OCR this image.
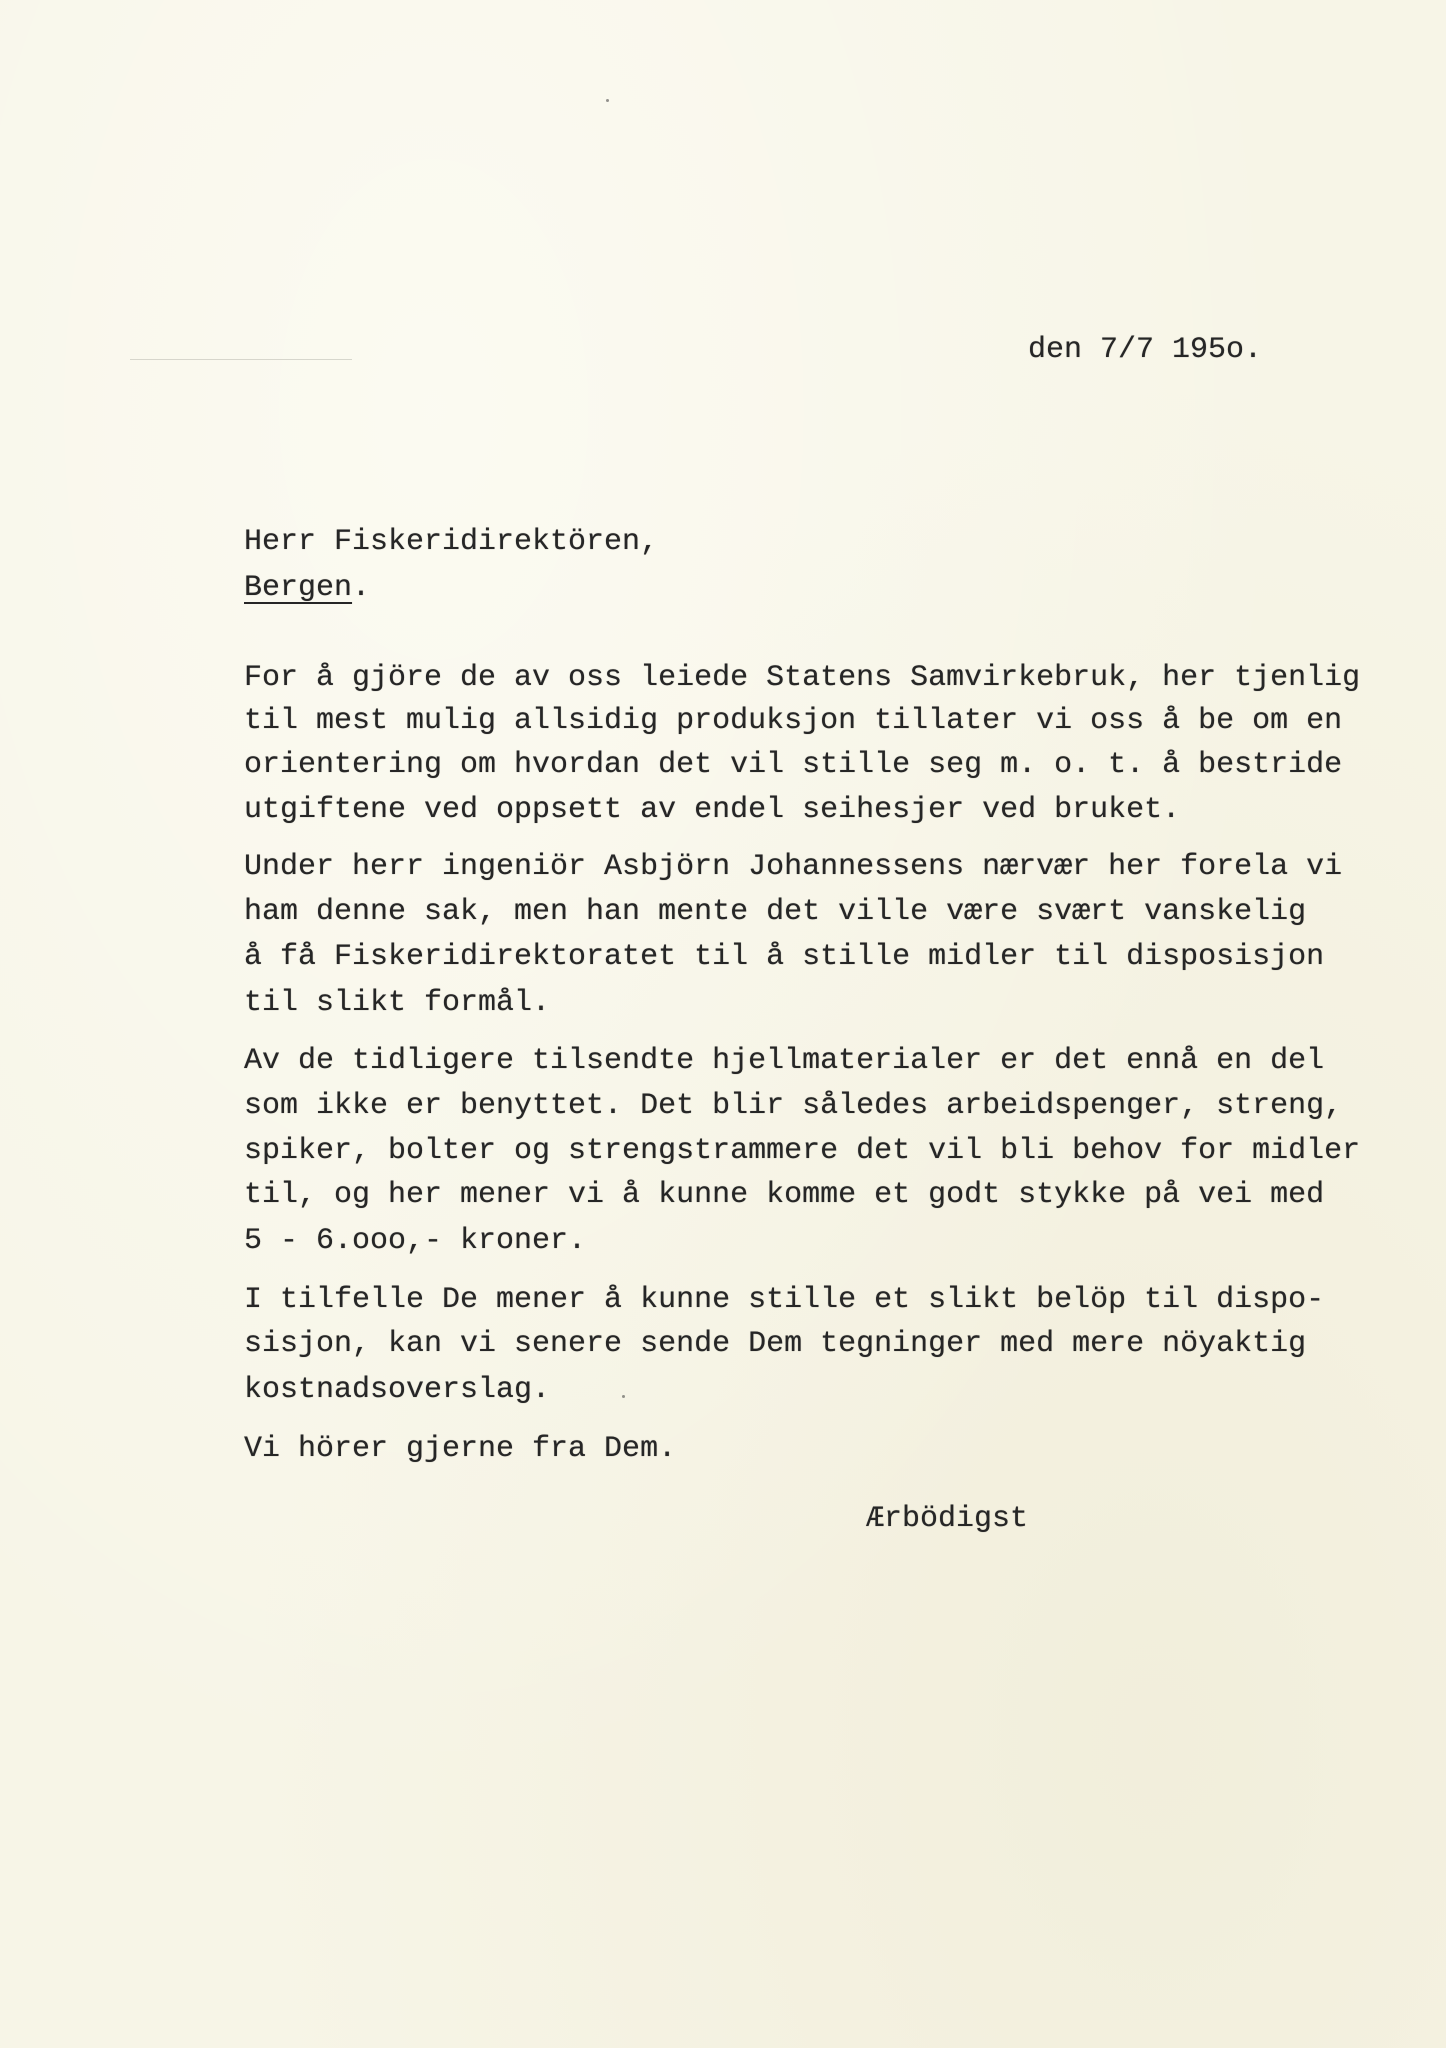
den 7/7 195o.
Herr Fiskeridirektören,
Bergen.
For å gjöre de av oss leiede Statens Samvirkebruk, her tjenlig
til mest mulig allsidig produksjon tillater vi oss å be om en
orientering om hvordan det vil stille seg m. o. t. å bestride
utgiftene ved oppsett av endel seihesjer ved bruket.
Under herr ingeniör Asbjörn Johannessens nærvær her forela vi
ham denne sak, men han mente det ville være svært vanskelig
å få Fiskeridirektoratet til å stille midler til disposisjon
til slikt formål.
Av de tidligere tilsendte hjellmaterialer er det ennå en del
som ikke er benyttet. Det blir således arbeidspenger, streng,
spiker, bolter og strengstrammere det vil bli behov for midler
til, og her mener vi å kunne komme et godt stykke på vei med
5 - 6.ooo,- kroner.
I tilfelle De mener å kunne stille et slikt belöp til dispo-
sisjon, kan vi senere sende Dem tegninger med mere nöyaktig
kostnadsoverslag.
Vi hörer gjerne fra Dem.
Ærbödigst
